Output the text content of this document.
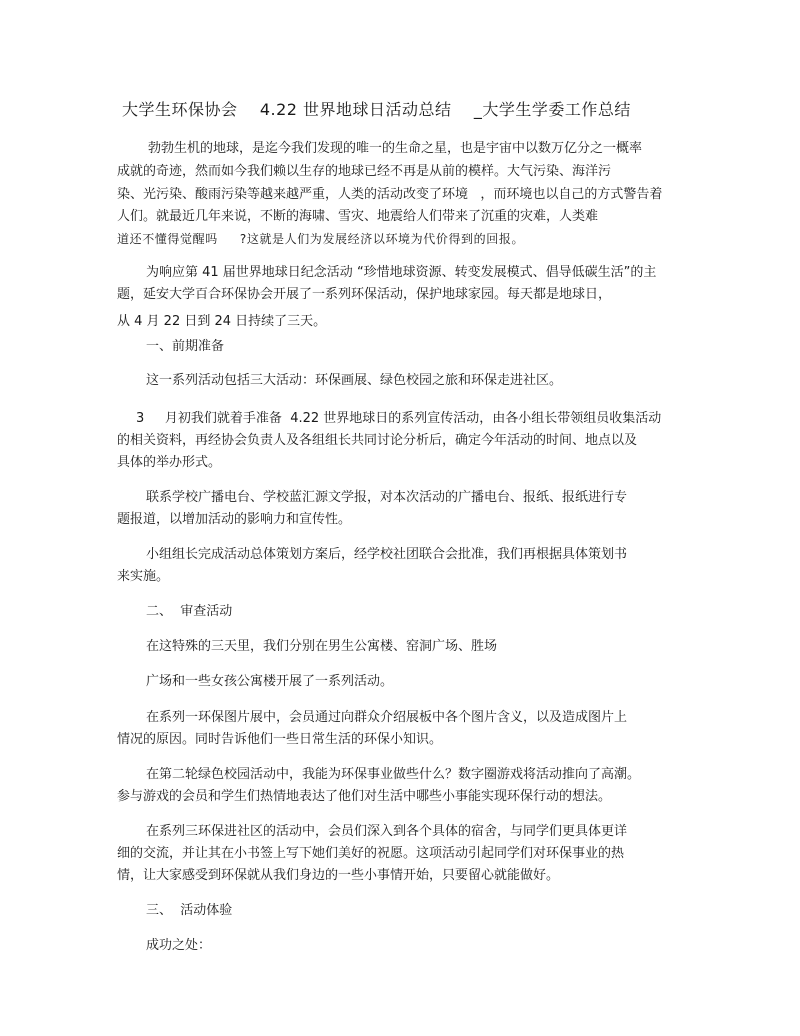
大学生环保协会    4.22 世界地球日活动总结    _大学生学委工作总结
勃勃生机的地球，是迄今我们发现的唯一的生命之星，也是宇宙中以数万亿分之一概率
成就的奇迹，然而如今我们赖以生存的地球已经不再是从前的模样。大气污染、海洋污
染、光污染、酸雨污染等越来越严重，人类的活动改变了环境   ，而环境也以自己的方式警告着
人们。就最近几年来说，不断的海啸、雪灾、地震给人们带来了沉重的灾难，人类难
道还不懂得觉醒吗     ?这就是人们为发展经济以环境为代价得到的回报。
为响应第 41 届世界地球日纪念活动 “珍惜地球资源、转变发展模式、倡导低碳生活”的主
题，延安大学百合环保协会开展了一系列环保活动，保护地球家园。每天都是地球日，
从 4 月 22 日到 24 日持续了三天。
一、前期准备
这一系列活动包括三大活动：环保画展、绿色校园之旅和环保走进社区。
3     月初我们就着手准备  4.22 世界地球日的系列宣传活动，由各小组长带领组员收集活动
的相关资料，再经协会负责人及各组组长共同讨论分析后，确定今年活动的时间、地点以及
具体的举办形式。
联系学校广播电台、学校蓝汇源文学报，对本次活动的广播电台、报纸、报纸进行专
题报道，以增加活动的影响力和宣传性。
小组组长完成活动总体策划方案后，经学校社团联合会批准，我们再根据具体策划书
来实施。
二、  审查活动
在这特殊的三天里，我们分别在男生公寓楼、窑洞广场、胜场
广场和一些女孩公寓楼开展了一系列活动。
在系列一环保图片展中，会员通过向群众介绍展板中各个图片含义，以及造成图片上
情况的原因。同时告诉他们一些日常生活的环保小知识。
在第二轮绿色校园活动中，我能为环保事业做些什么？数字圈游戏将活动推向了高潮。
参与游戏的会员和学生们热情地表达了他们对生活中哪些小事能实现环保行动的想法。
在系列三环保进社区的活动中，会员们深入到各个具体的宿舍，与同学们更具体更详
细的交流，并让其在小书签上写下她们美好的祝愿。这项活动引起同学们对环保事业的热
情，让大家感受到环保就从我们身边的一些小事情开始，只要留心就能做好。
三、  活动体验
成功之处：
